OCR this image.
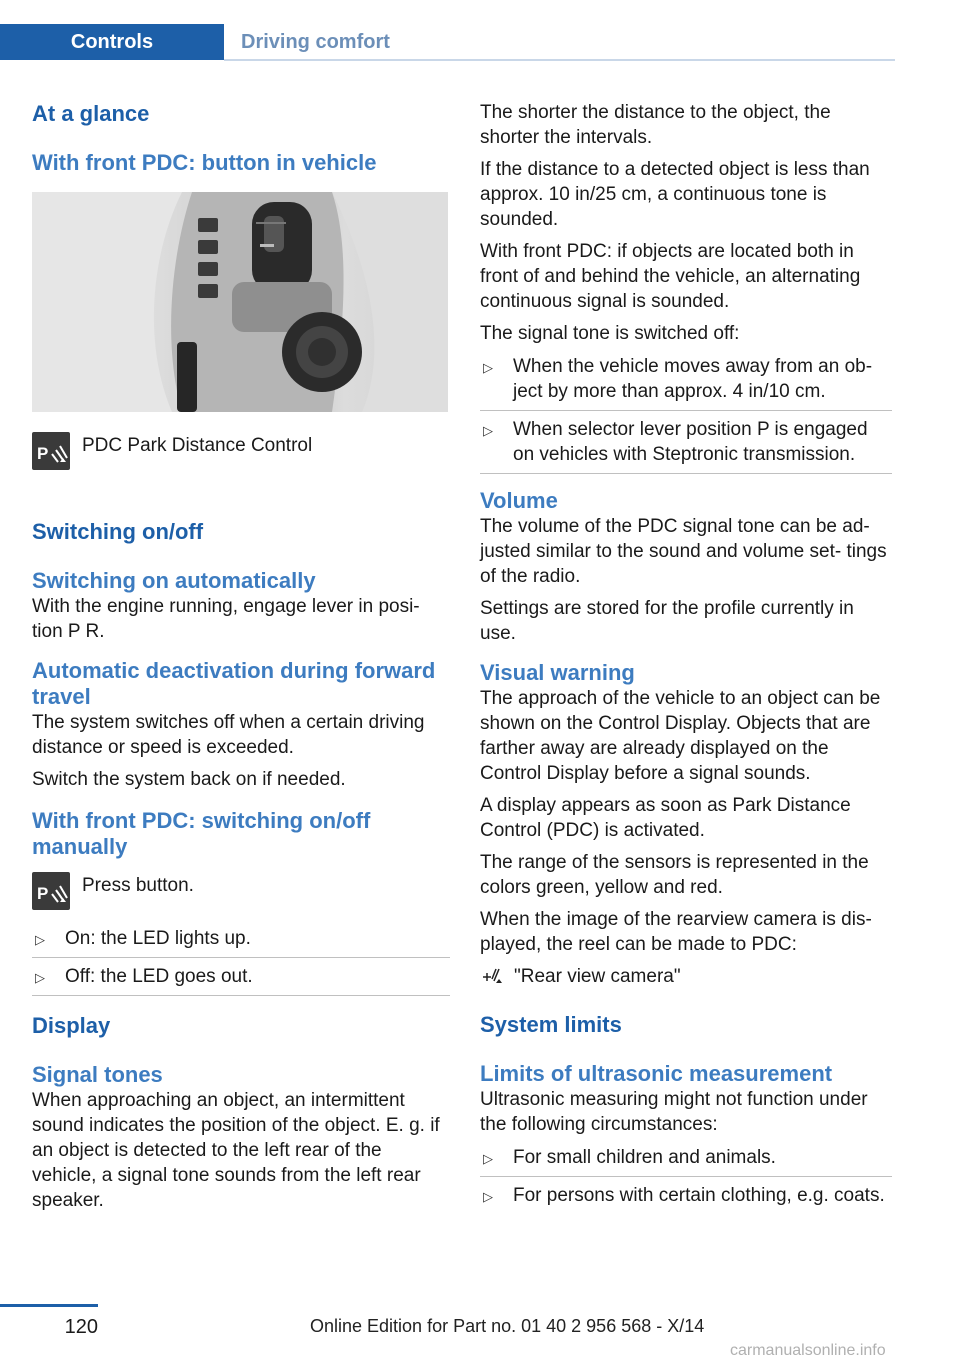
Controls	Driving comfort
At a glance
With front PDC: button in vehicle
P PDC Park Distance Control

Switching on/off
Switching on automatically

With the engine running, engage lever in posi‐ tion P R.

Automatic deactivation during forward travel

The system switches off when a certain driving distance or speed is exceeded.

Switch the system back on if needed.

With front PDC: switching on/off manually
P Press button.

▷ On: the LED lights up.
▷ Off: the LED goes out.
Display
Signal tones

When approaching an object, an intermittent sound indicates the position of the object. E. g. if an object is detected to the left rear of the vehicle, a signal tone sounds from the left rear speaker.

The shorter the distance to the object, the shorter the intervals.

If the distance to a detected object is less than approx. 10 in/25 cm, a continuous tone is sounded.

With front PDC: if objects are located both in front of and behind the vehicle, an alternating continuous signal is sounded.

The signal tone is switched off:

▷ When the vehicle moves away from an ob‐ ject by more than approx. 4 in/10 cm.
▷ When selector lever position P is engaged on vehicles with Steptronic transmission.
Volume

The volume of the PDC signal tone can be ad‐ justed similar to the sound and volume set‐ tings of the radio.

Settings are stored for the profile currently in use.

Visual warning

The approach of the vehicle to an object can be shown on the Control Display. Objects that are farther away are already displayed on the Control Display before a signal sounds.

A display appears as soon as Park Distance Control (PDC) is activated.

The range of the sensors is represented in the colors green, yellow and red.

When the image of the rearview camera is dis‐ played, the reel can be made to PDC:

"Rear view camera"

System limits
Limits of ultrasonic measurement

Ultrasonic measuring might not function under the following circumstances:

▷ For small children and animals.
▷ For persons with certain clothing, e.g. coats.
120	Online Edition for Part no. 01 40 2 956 568 - X/14
carmanualsonline.info
